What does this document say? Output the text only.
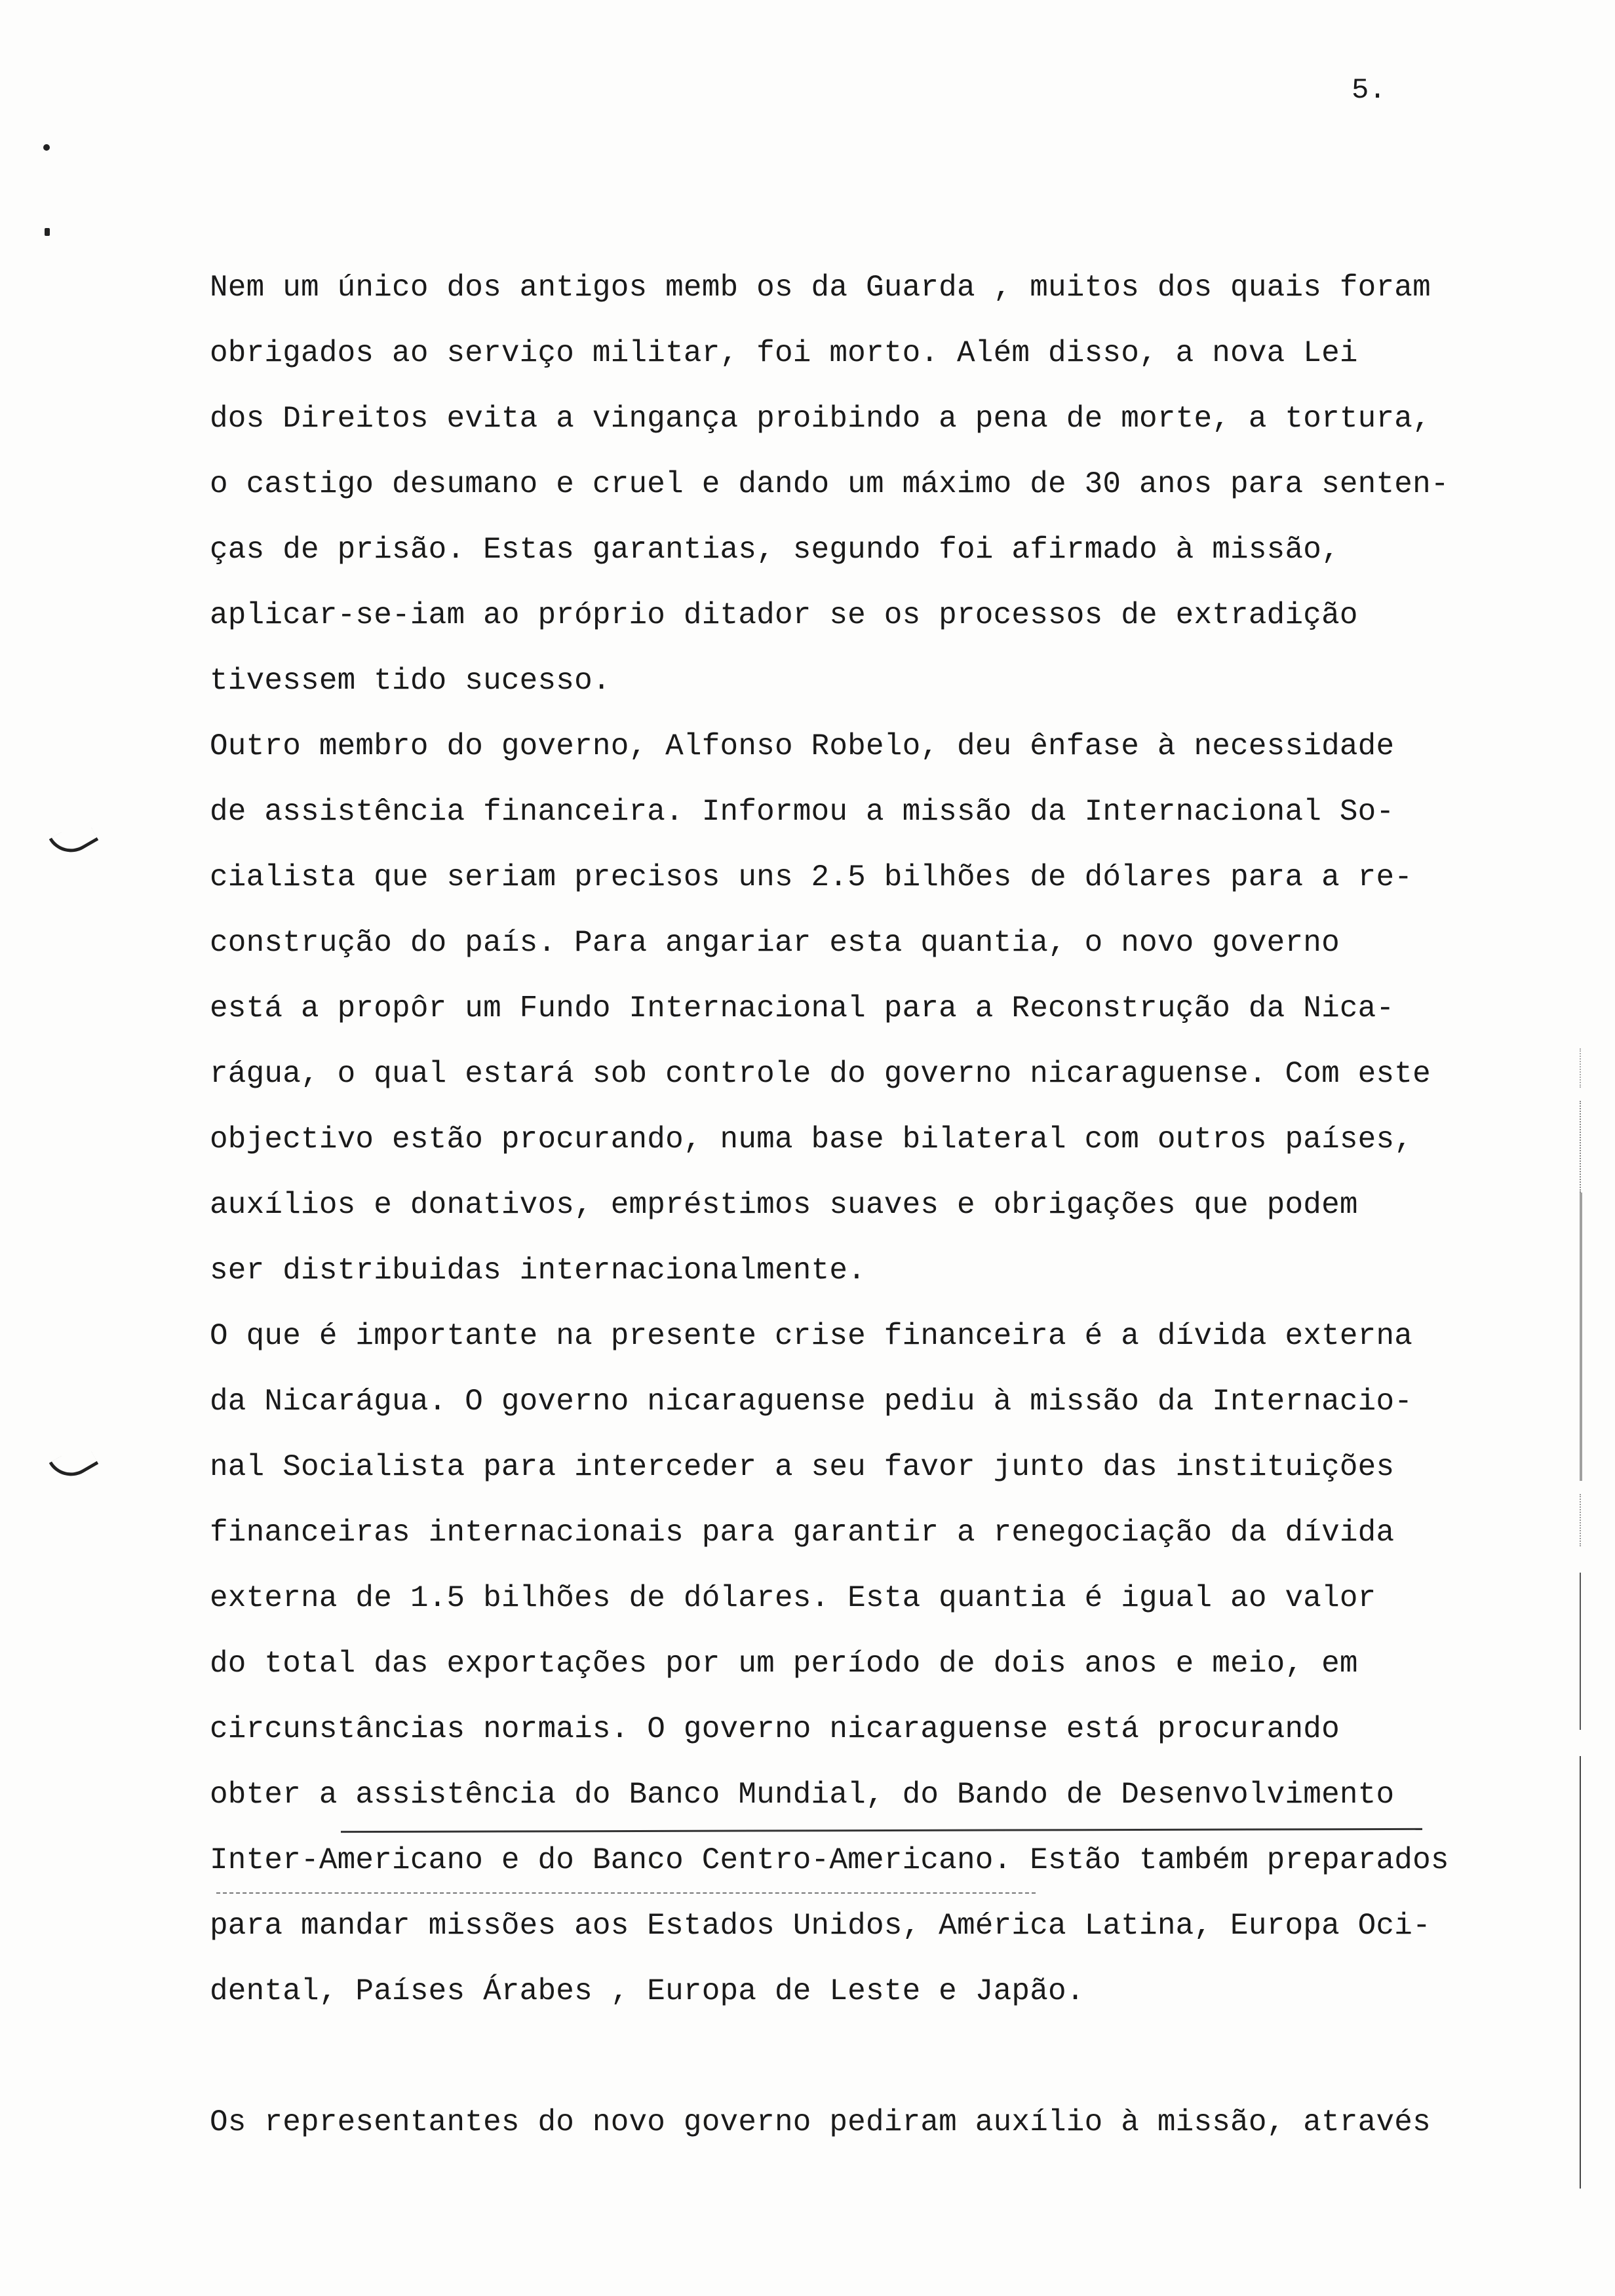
5.
Nem um único dos antigos memb os da Guarda , muitos dos quais foram
obrigados ao serviço militar, foi morto. Além disso, a nova Lei
dos Direitos evita a vingança proibindo a pena de morte, a tortura,
o castigo desumano e cruel e dando um máximo de 30 anos para senten-
ças de prisão. Estas garantias, segundo foi afirmado à missão,
aplicar-se-iam ao próprio ditador se os processos de extradição
tivessem tido sucesso.
Outro membro do governo, Alfonso Robelo, deu ênfase à necessidade
de assistência financeira. Informou a missão da Internacional So-
cialista que seriam precisos uns 2.5 bilhões de dólares para a re-
construção do país. Para angariar esta quantia, o novo governo
está a propôr um Fundo Internacional para a Reconstrução da Nica-
rágua, o qual estará sob controle do governo nicaraguense. Com este
objectivo estão procurando, numa base bilateral com outros países,
auxílios e donativos, empréstimos suaves e obrigações que podem
ser distribuidas internacionalmente.
O que é importante na presente crise financeira é a dívida externa
da Nicarágua. O governo nicaraguense pediu à missão da Internacio-
nal Socialista para interceder a seu favor junto das instituições
financeiras internacionais para garantir a renegociação da dívida
externa de 1.5 bilhões de dólares. Esta quantia é igual ao valor
do total das exportações por um período de dois anos e meio, em
circunstâncias normais. O governo nicaraguense está procurando
obter a assistência do Banco Mundial, do Bando de Desenvolvimento
Inter-Americano e do Banco Centro-Americano. Estão também preparados
para mandar missões aos Estados Unidos, América Latina, Europa Oci-
dental, Países Árabes , Europa de Leste e Japão.
Os representantes do novo governo pediram auxílio à missão, através
